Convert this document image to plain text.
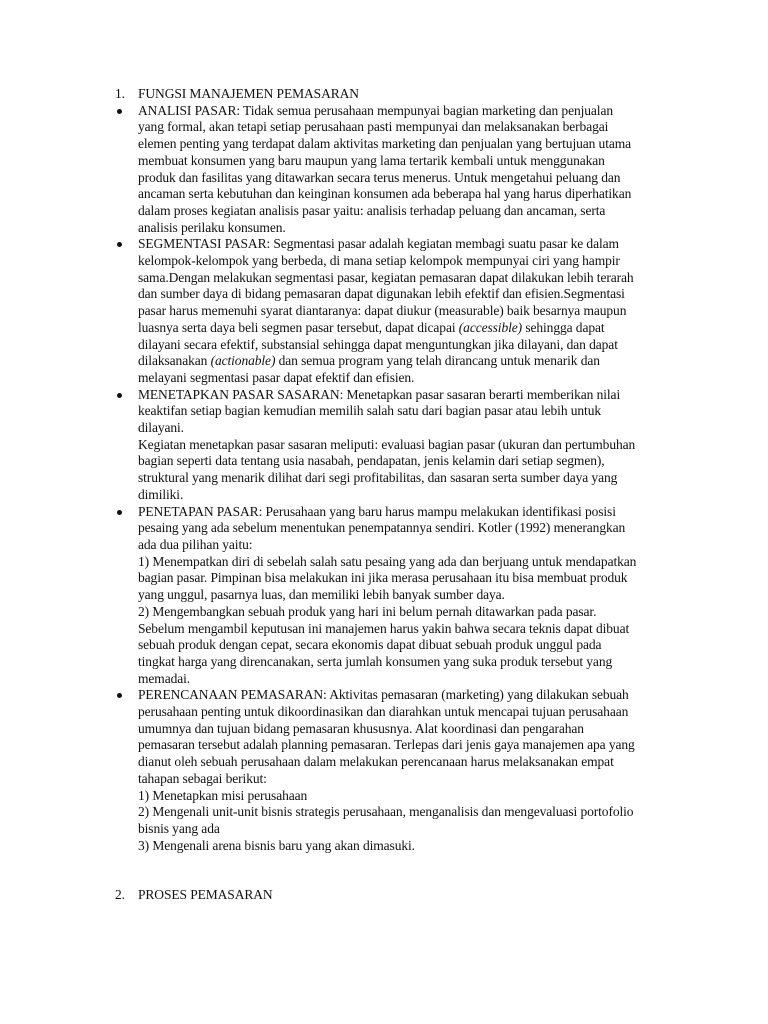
1. FUNGSI MANAJEMEN PEMASARAN
ANALISI PASAR: Tidak semua perusahaan mempunyai bagian marketing dan penjualan
yang formal, akan tetapi setiap perusahaan pasti mempunyai dan melaksanakan berbagai
elemen penting yang terdapat dalam aktivitas marketing dan penjualan yang bertujuan utama
membuat konsumen yang baru maupun yang lama tertarik kembali untuk menggunakan
produk dan fasilitas yang ditawarkan secara terus menerus. Untuk mengetahui peluang dan
ancaman serta kebutuhan dan keinginan konsumen ada beberapa hal yang harus diperhatikan
dalam proses kegiatan analisis pasar yaitu: analisis terhadap peluang dan ancaman, serta
analisis perilaku konsumen.
SEGMENTASI PASAR: Segmentasi pasar adalah kegiatan membagi suatu pasar ke dalam
kelompok-kelompok yang berbeda, di mana setiap kelompok mempunyai ciri yang hampir
sama.Dengan melakukan segmentasi pasar, kegiatan pemasaran dapat dilakukan lebih terarah
dan sumber daya di bidang pemasaran dapat digunakan lebih efektif dan efisien.Segmentasi
pasar harus memenuhi syarat diantaranya: dapat diukur (measurable) baik besarnya maupun
luasnya serta daya beli segmen pasar tersebut, dapat dicapai (accessible) sehingga dapat
dilayani secara efektif, substansial sehingga dapat menguntungkan jika dilayani, dan dapat
dilaksanakan (actionable) dan semua program yang telah dirancang untuk menarik dan
melayani segmentasi pasar dapat efektif dan efisien.
MENETAPKAN PASAR SASARAN: Menetapkan pasar sasaran berarti memberikan nilai
keaktifan setiap bagian kemudian memilih salah satu dari bagian pasar atau lebih untuk
dilayani.
Kegiatan menetapkan pasar sasaran meliputi: evaluasi bagian pasar (ukuran dan pertumbuhan
bagian seperti data tentang usia nasabah, pendapatan, jenis kelamin dari setiap segmen),
struktural yang menarik dilihat dari segi profitabilitas, dan sasaran serta sumber daya yang
dimiliki.
PENETAPAN PASAR: Perusahaan yang baru harus mampu melakukan identifikasi posisi
pesaing yang ada sebelum menentukan penempatannya sendiri. Kotler (1992) menerangkan
ada dua pilihan yaitu:
1) Menempatkan diri di sebelah salah satu pesaing yang ada dan berjuang untuk mendapatkan
bagian pasar. Pimpinan bisa melakukan ini jika merasa perusahaan itu bisa membuat produk
yang unggul, pasarnya luas, dan memiliki lebih banyak sumber daya.
2) Mengembangkan sebuah produk yang hari ini belum pernah ditawarkan pada pasar.
Sebelum mengambil keputusan ini manajemen harus yakin bahwa secara teknis dapat dibuat
sebuah produk dengan cepat, secara ekonomis dapat dibuat sebuah produk unggul pada
tingkat harga yang direncanakan, serta jumlah konsumen yang suka produk tersebut yang
memadai.
PERENCANAAN PEMASARAN: Aktivitas pemasaran (marketing) yang dilakukan sebuah
perusahaan penting untuk dikoordinasikan dan diarahkan untuk mencapai tujuan perusahaan
umumnya dan tujuan bidang pemasaran khususnya. Alat koordinasi dan pengarahan
pemasaran tersebut adalah planning pemasaran. Terlepas dari jenis gaya manajemen apa yang
dianut oleh sebuah perusahaan dalam melakukan perencanaan harus melaksanakan empat
tahapan sebagai berikut:
1) Menetapkan misi perusahaan
2) Mengenali unit-unit bisnis strategis perusahaan, menganalisis dan mengevaluasi portofolio
bisnis yang ada
3) Mengenali arena bisnis baru yang akan dimasuki.
2. PROSES PEMASARAN
